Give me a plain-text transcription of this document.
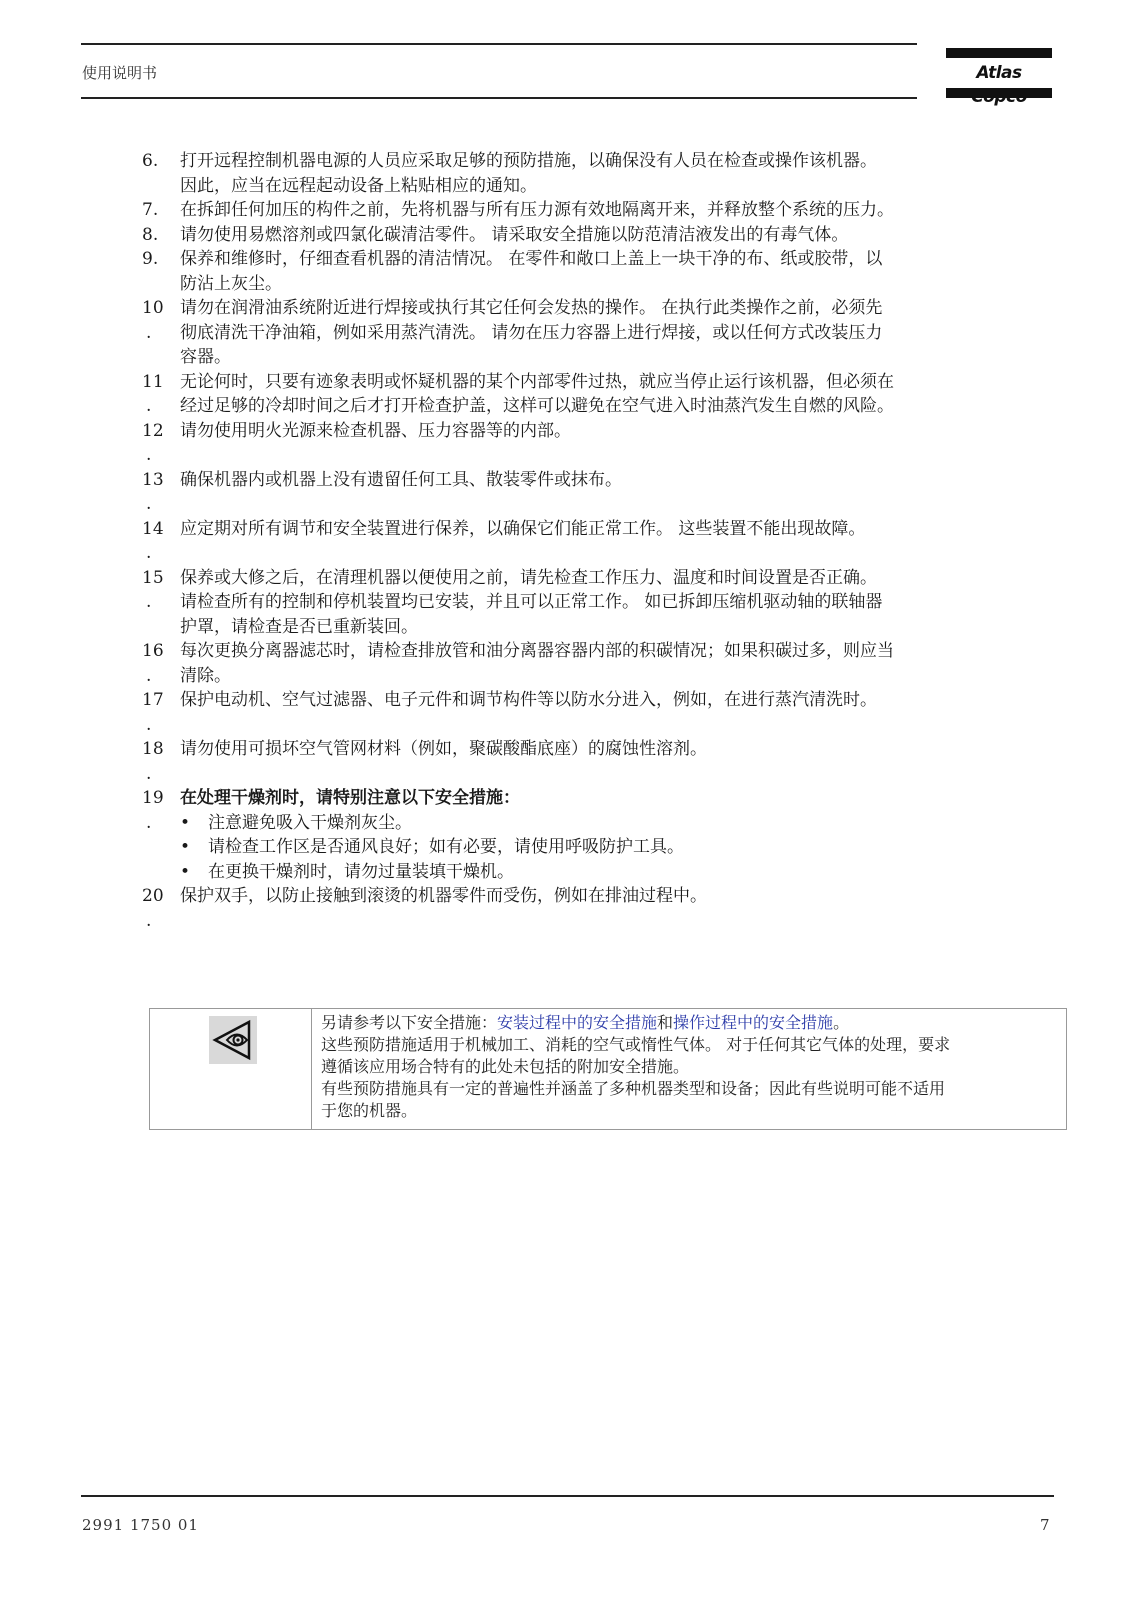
使用说明书	Atlas
6.	打开远程控制机器电源的人员应采取足够的预防措施，以确保没有人员在检查或操作该机器。
因此，应当在远程起动设备上粘贴相应的通知。
7.	在拆卸任何加压的构件之前，先将机器与所有压力源有效地隔离开来，并释放整个系统的压力。
8.	请勿使用易燃溶剂或四氯化碳清洁零件。 请采取安全措施以防范清洁液发出的有毒气体。
9.	保养和维修时，仔细查看机器的清洁情况。 在零件和敞口上盖上一块干净的布、纸或胶带，以
防沾上灰尘。
10
.
请勿在润滑油系统附近进行焊接或执行其它任何会发热的操作。 在执行此类操作之前，必须先
彻底清洗干净油箱，例如采用蒸汽清洗。 请勿在压力容器上进行焊接，或以任何方式改装压力
容器。
11
.
无论何时，只要有迹象表明或怀疑机器的某个内部零件过热，就应当停止运行该机器，但必须在
经过足够的冷却时间之后才打开检查护盖，这样可以避免在空气进入时油蒸汽发生自燃的风险。
12
.
请勿使用明火光源来检查机器、压力容器等的内部。
13
.
确保机器内或机器上没有遗留任何工具、散装零件或抹布。
14
.
应定期对所有调节和安全装置进行保养，以确保它们能正常工作。 这些装置不能出现故障。
15
.
保养或大修之后，在清理机器以便使用之前，请先检查工作压力、温度和时间设置是否正确。
请检查所有的控制和停机装置均已安装，并且可以正常工作。 如已拆卸压缩机驱动轴的联轴器
护罩，请检查是否已重新装回。
16
.
每次更换分离器滤芯时，请检查排放管和油分离器容器内部的积碳情况；如果积碳过多，则应当
清除。
17
.
保护电动机、空气过滤器、电子元件和调节构件等以防水分进入，例如，在进行蒸汽清洗时。
18
.
请勿使用可损坏空气管网材料（例如，聚碳酸酯底座）的腐蚀性溶剂。
19
.
在处理干燥剂时，请特别注意以下安全措施：
• 注意避免吸入干燥剂灰尘。
• 请检查工作区是否通风良好；如有必要，请使用呼吸防护工具。
• 在更换干燥剂时，请勿过量装填干燥机。
20
.
保护双手，以防止接触到滚烫的机器零件而受伤，例如在排油过程中。
另请参考以下安全措施：安装过程中的安全措施和操作过程中的安全措施。
这些预防措施适用于机械加工、消耗的空气或惰性气体。 对于任何其它气体的处理，要求
遵循该应用场合特有的此处未包括的附加安全措施。
有些预防措施具有一定的普遍性并涵盖了多种机器类型和设备；因此有些说明可能不适用
于您的机器。
2991 1750 01	7
